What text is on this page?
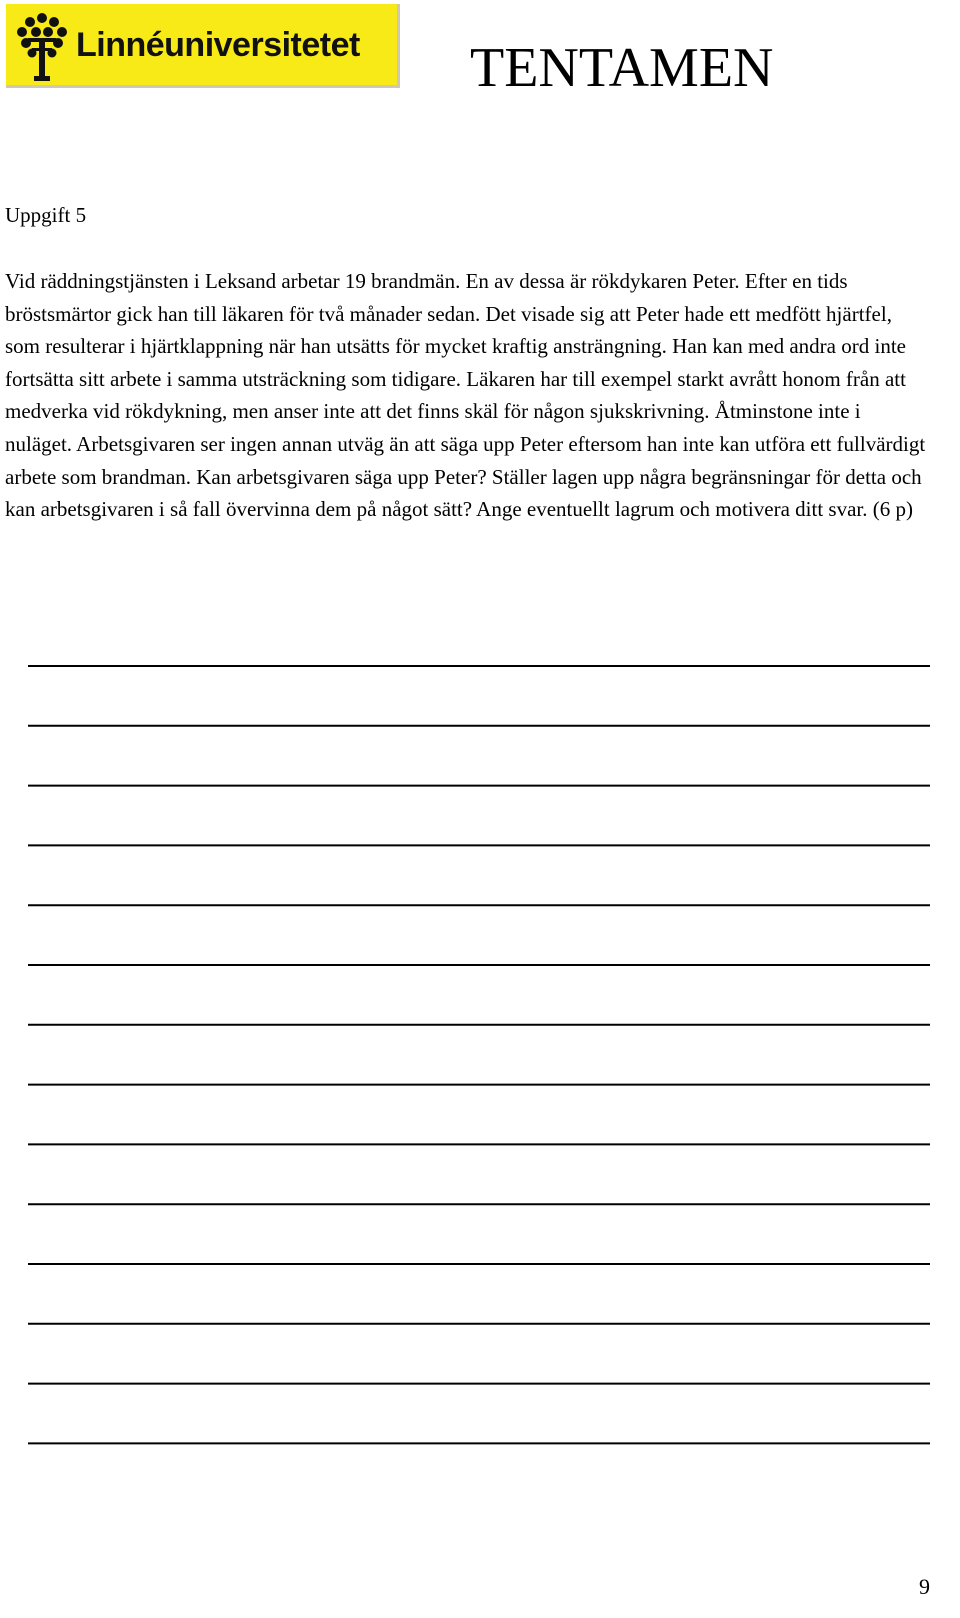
Linnéuniversitetet TENTAMEN
Uppgift 5

Vid räddningstjänsten i Leksand arbetar 19 brandmän. En av dessa är rökdykaren Peter. Efter en tids bröstsmärtor gick han till läkaren för två månader sedan. Det visade sig att Peter hade ett medfött hjärtfel, som resulterar i hjärtklappning när han utsätts för mycket kraftig ansträngning. Han kan med andra ord inte fortsätta sitt arbete i samma utsträckning som tidigare. Läkaren har till exempel starkt avrått honom från att medverka vid rökdykning, men anser inte att det finns skäl för någon sjukskrivning. Åtminstone inte i nuläget. Arbetsgivaren ser ingen annan utväg än att säga upp Peter eftersom han inte kan utföra ett fullvärdigt arbete som brandman. Kan arbetsgivaren säga upp Peter? Ställer lagen upp några begränsningar för detta och kan arbetsgivaren i så fall övervinna dem på något sätt? Ange eventuellt lagrum och motivera ditt svar. (6 p)

9
